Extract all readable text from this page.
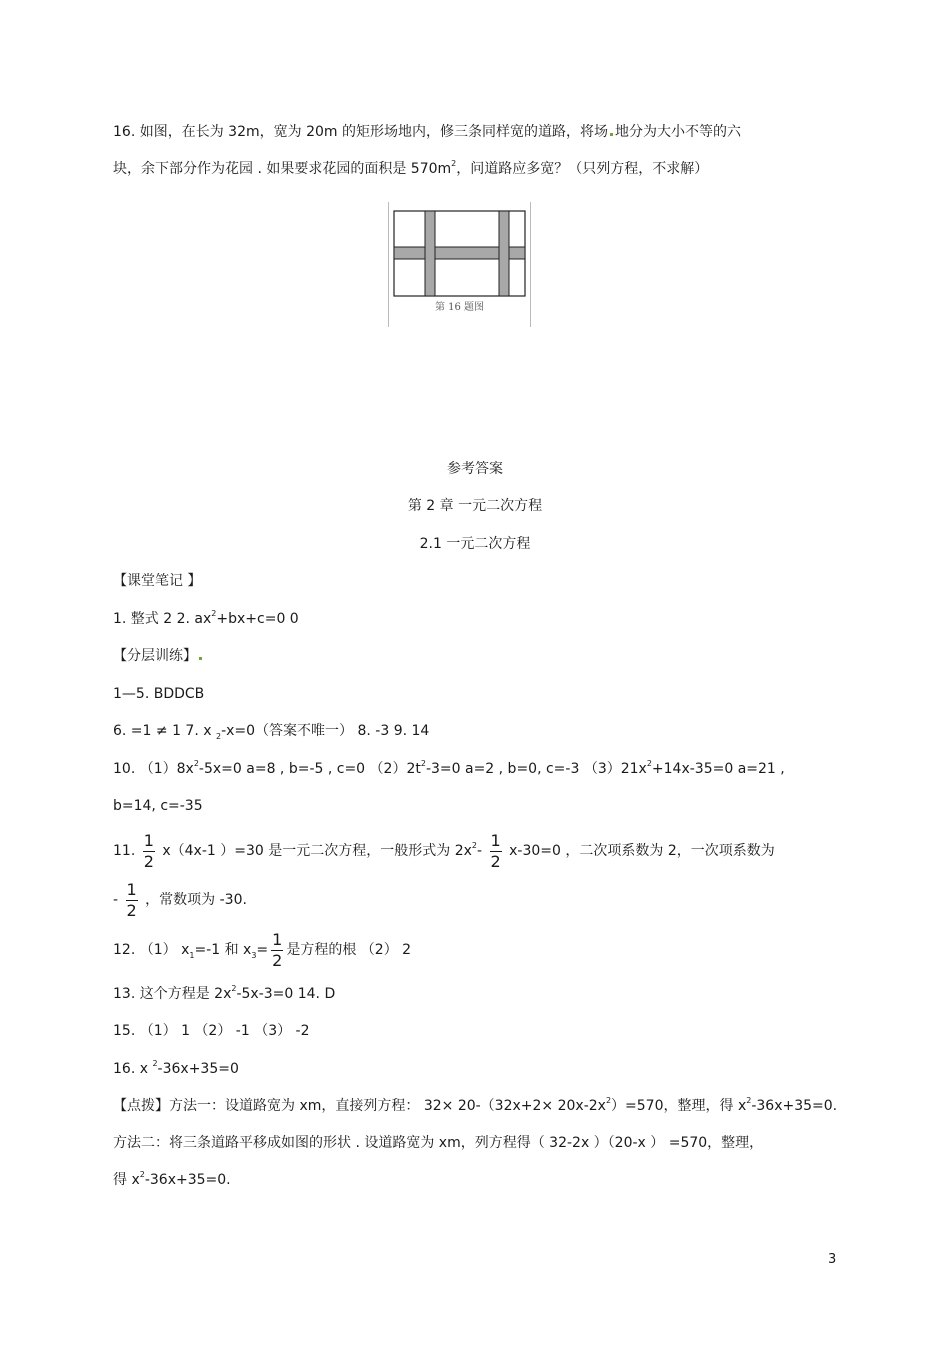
16. 如图，在长为 32m，宽为 20m 的矩形场地内，修三条同样宽的道路，将场 地分为大小不等的六
块，余下部分作为花园 . 如果要求花园的面积是 $570m^2$，问道路应多宽？（只列方程，不求解）
第 16 题图
参考答案
第 2 章 一元二次方程
2.1 一元二次方程
【课堂笔记 】
1. 整式 2 2. $ax^2+bx+c=0$ 0
【分层训练】
1—5. BDDCB
6. =1 ≠ 1 7. x $_2$-x=0（答案不唯一） 8. -3 9. 14
10. $(1)8x^2-5x=0$ a=8 , b=-5 , c=0 $(2)2t^2-3=0$ a=2 , b=0, c=-3 $(3)21x^2+14x-35=0$ a=21 ,
b=14, c=-35
11. $\frac{1}{2} x(4x-1$ ）=30 是一元二次方程，一般形式为 $2x^2- \frac{1}{2} x-30=0$ ，二次项系数为 2，一次项系数为
- $\frac{1}{2}$ ，常数项为 -30.
12. （1） $x_1=-1$ 和 $x_3= \frac{1}{2}$ 是方程的根 （2） 2
13. 这个方程是 $2x^2-5x-3=0$ 14. D
15. （1） 1 （2） -1 （3） -2
16. x $^2$-36x+35=0
【点拨】方法一：设道路宽为 xm，直接列方程： $32\times 20-(32x+2\times 20x-2x^2)=570$，整理，得 $x^2-36x+35=0$.
方法二：将三条道路平移成如图的形状 . 设道路宽为 xm，列方程得（ 32-2x ）（20-x ） =570，整理，
得 $x^2-36x+35=0$.
3
